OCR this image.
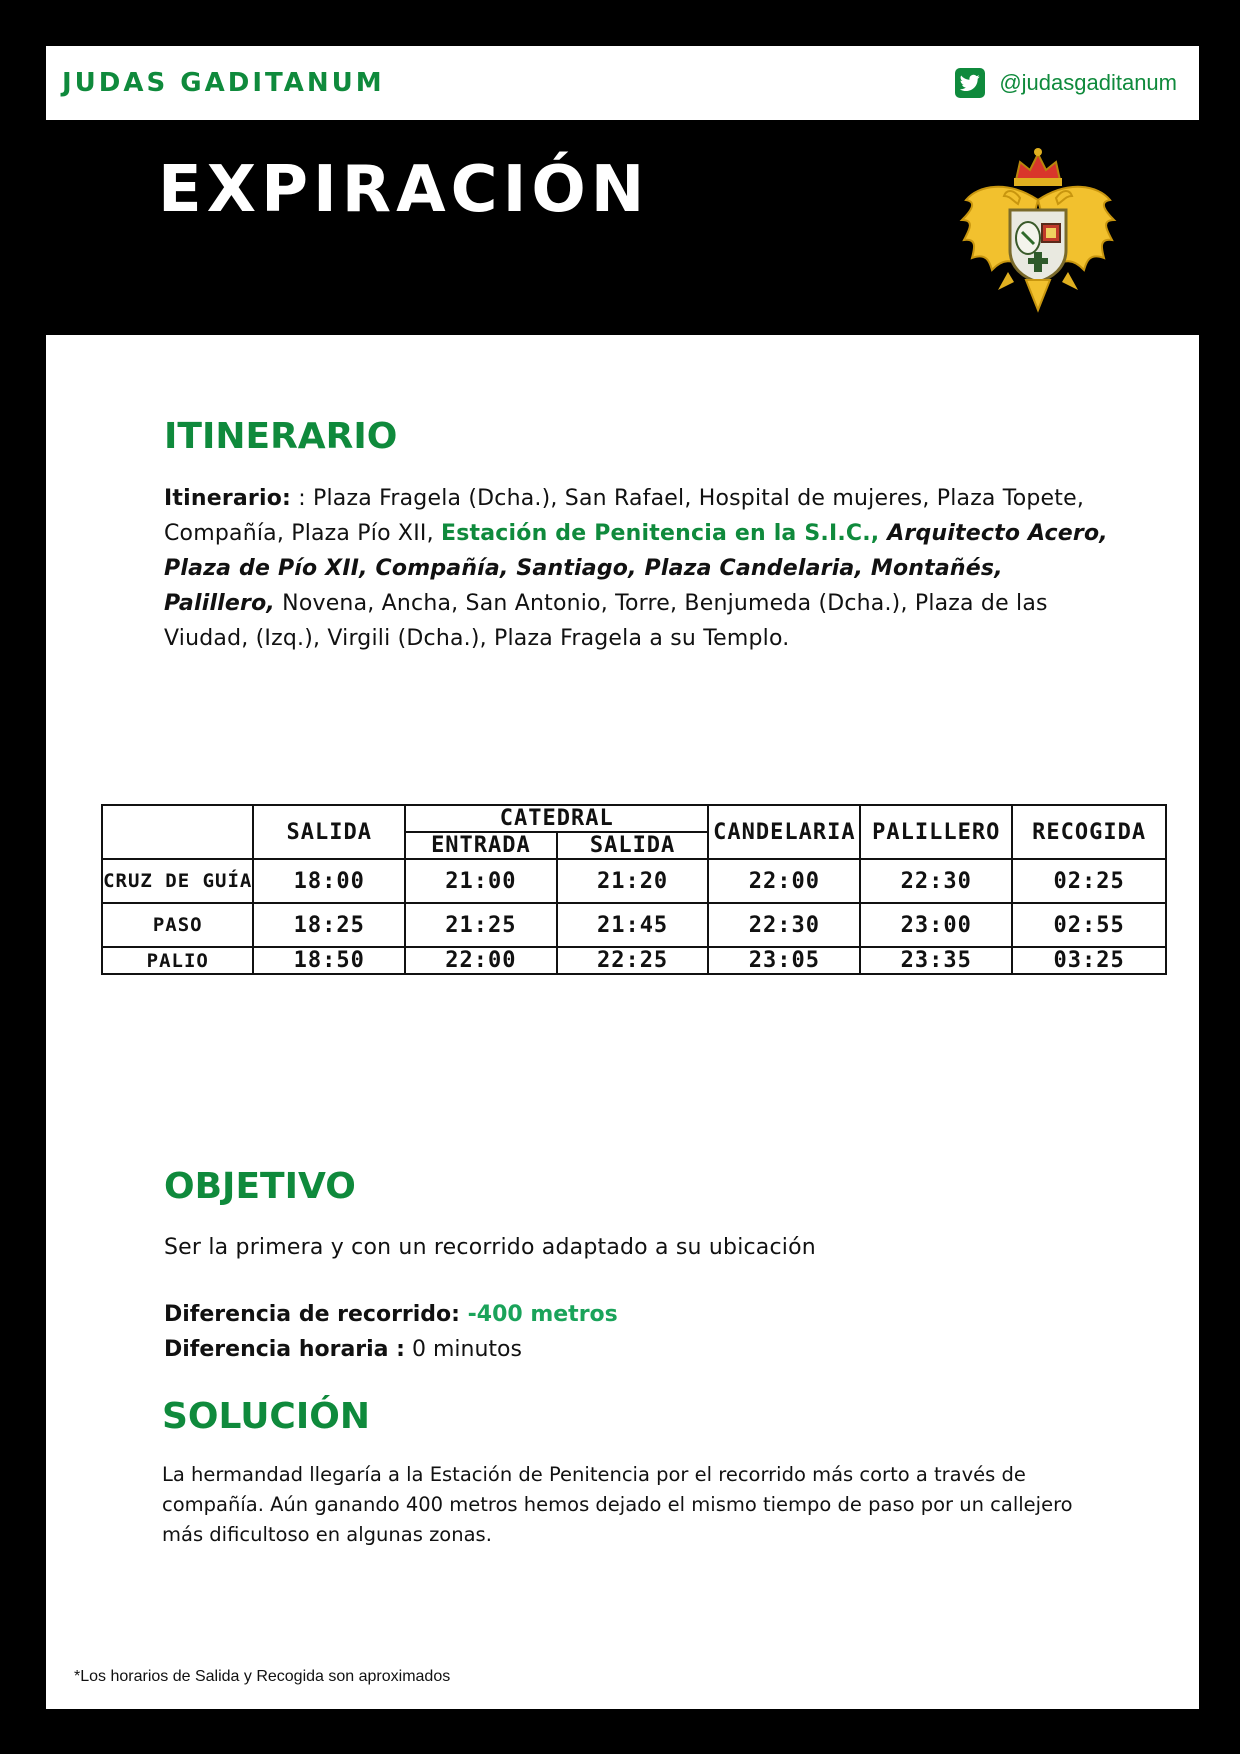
JUDAS GADITANUM	@judasgaditanum
EXPIRACIÓN
ITINERARIO
Itinerario: : Plaza Fragela (Dcha.), San Rafael, Hospital de mujeres, Plaza Topete, Compañía, Plaza Pío XII, Estación de Penitencia en la S.I.C., Arquitecto Acero, Plaza de Pío XII, Compañía, Santiago, Plaza Candelaria, Montañés, Palillero, Novena, Ancha, San Antonio, Torre, Benjumeda (Dcha.), Plaza de las Viudad, (Izq.), Virgili (Dcha.), Plaza Fragela a su Templo.
	SALIDA	CATEDRAL		CANDELARIA	PALILLERO	RECOGIDA
		ENTRADA	SALIDA			
CRUZ DE GUÍA	18:00	21:00	21:20	22:00	22:30	02:25
PASO	18:25	21:25	21:45	22:30	23:00	02:55
PALIO	18:50	22:00	22:25	23:05	23:35	03:25
OBJETIVO
Ser la primera y con un recorrido adaptado a su ubicación
Diferencia de recorrido: -400 metros
Diferencia horaria : 0 minutos
SOLUCIÓN
La hermandad llegaría a la Estación de Penitencia por el recorrido más corto a través de compañía. Aún ganando 400 metros hemos dejado el mismo tiempo de paso por un callejero más dificultoso en algunas zonas.
*Los horarios de Salida y Recogida son aproximados
